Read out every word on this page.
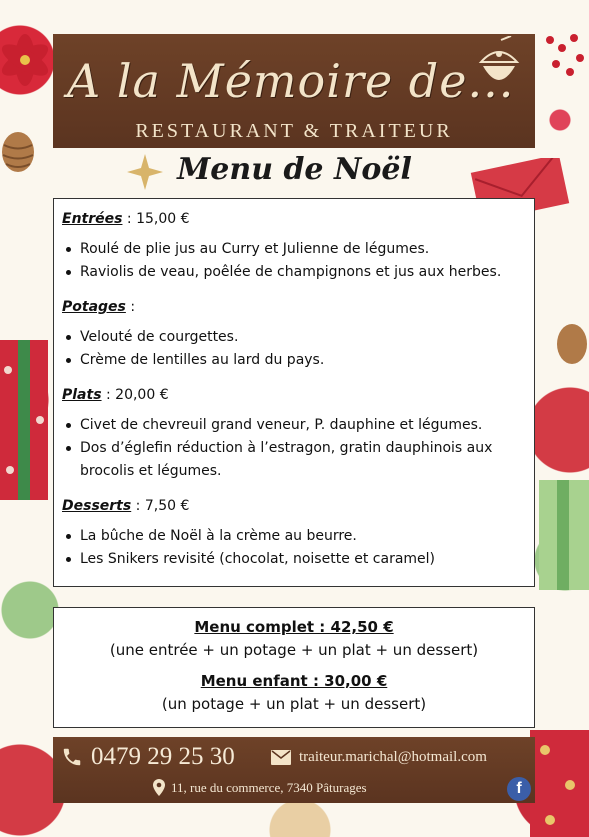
A la Mémoire de...
RESTAURANT & TRAITEUR
Menu de Noël
Entrées : 15,00 €
Roulé de plie jus au Curry et Julienne de légumes.
Raviolis de veau, poêlée de champignons et jus aux herbes.
Potages :
Velouté de courgettes.
Crème de lentilles au lard du pays.
Plats : 20,00 €
Civet de chevreuil grand veneur, P. dauphine et légumes.
Dos d’églefin réduction à l’estragon, gratin dauphinois aux brocolis et légumes.
Desserts : 7,50 €
La bûche de Noël à la crème au beurre.
Les Snikers revisité (chocolat, noisette et caramel)
Menu complet : 42,50 €
(une entrée + un potage + un plat + un dessert)
Menu enfant : 30,00 €
(un potage + un plat + un dessert)
0479 29 25 30	traiteur.marichal@hotmail.com
11, rue du commerce, 7340 Pâturages	f
